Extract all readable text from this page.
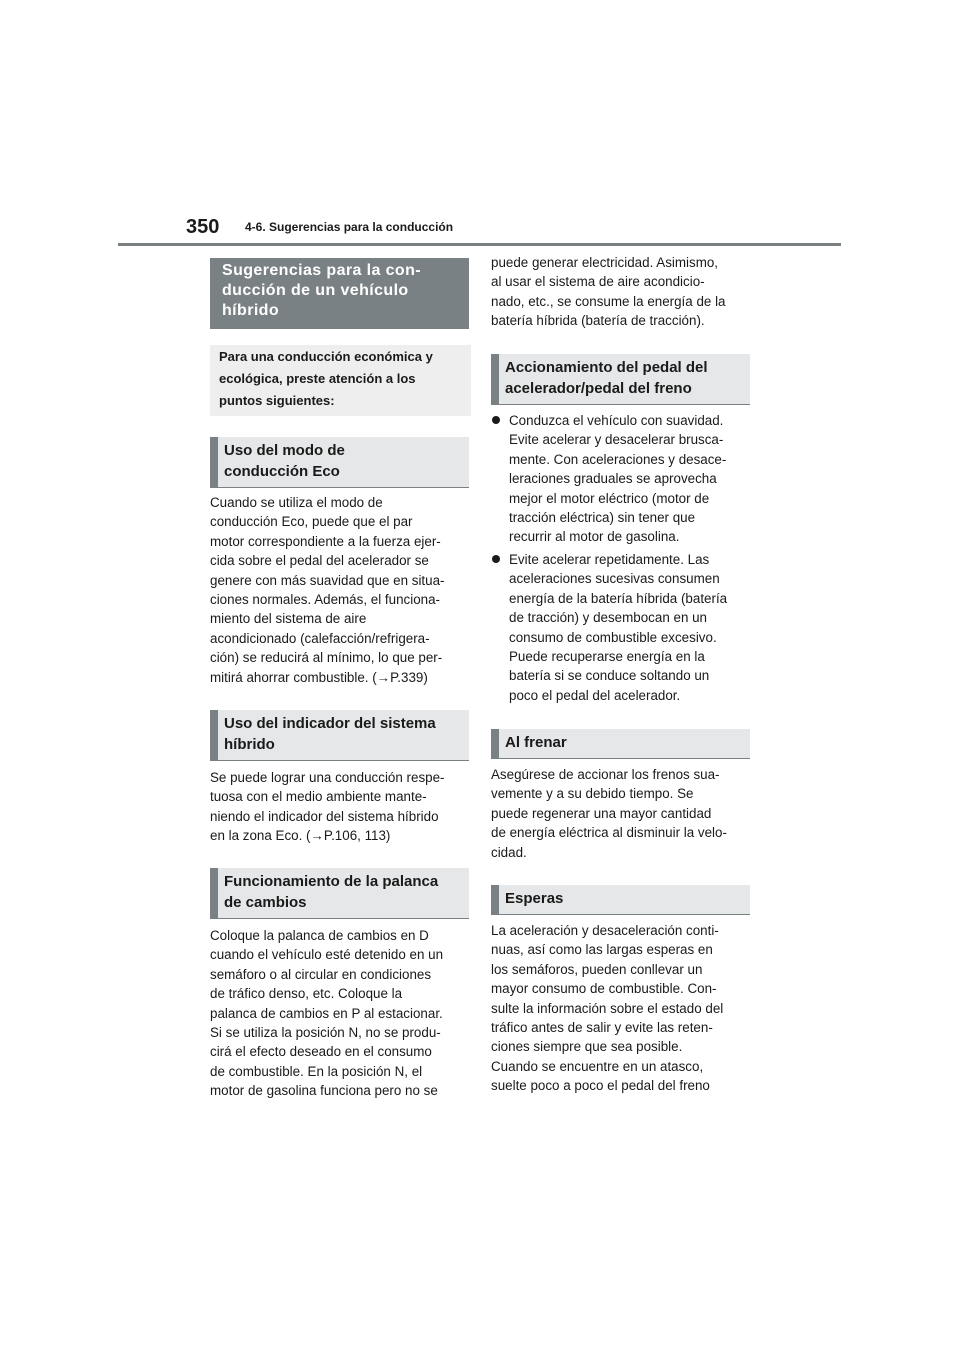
350 4-6. Sugerencias para la conducción
Sugerencias para la con-
ducción de un vehículo
híbrido
Para una conducción económica y
ecológica, preste atención a los
puntos siguientes:
Uso del modo de
conducción Eco
Cuando se utiliza el modo de
conducción Eco, puede que el par
motor correspondiente a la fuerza ejer-
cida sobre el pedal del acelerador se
genere con más suavidad que en situa-
ciones normales. Además, el funciona-
miento del sistema de aire
acondicionado (calefacción/refrigera-
ción) se reducirá al mínimo, lo que per-
mitirá ahorrar combustible. (→P.339)
Uso del indicador del sistema
híbrido
Se puede lograr una conducción respe-
tuosa con el medio ambiente mante-
niendo el indicador del sistema híbrido
en la zona Eco. (→P.106, 113)
Funcionamiento de la palanca
de cambios
Coloque la palanca de cambios en D
cuando el vehículo esté detenido en un
semáforo o al circular en condiciones
de tráfico denso, etc. Coloque la
palanca de cambios en P al estacionar.
Si se utiliza la posición N, no se produ-
cirá el efecto deseado en el consumo
de combustible. En la posición N, el
motor de gasolina funciona pero no se
puede generar electricidad. Asimismo,
al usar el sistema de aire acondicio-
nado, etc., se consume la energía de la
batería híbrida (batería de tracción).
Accionamiento del pedal del
acelerador/pedal del freno
Conduzca el vehículo con suavidad.
Evite acelerar y desacelerar brusca-
mente. Con aceleraciones y desace-
leraciones graduales se aprovecha
mejor el motor eléctrico (motor de
tracción eléctrica) sin tener que
recurrir al motor de gasolina.
Evite acelerar repetidamente. Las
aceleraciones sucesivas consumen
energía de la batería híbrida (batería
de tracción) y desembocan en un
consumo de combustible excesivo.
Puede recuperarse energía en la
batería si se conduce soltando un
poco el pedal del acelerador.
Al frenar
Asegúrese de accionar los frenos sua-
vemente y a su debido tiempo. Se
puede regenerar una mayor cantidad
de energía eléctrica al disminuir la velo-
cidad.
Esperas
La aceleración y desaceleración conti-
nuas, así como las largas esperas en
los semáforos, pueden conllevar un
mayor consumo de combustible. Con-
sulte la información sobre el estado del
tráfico antes de salir y evite las reten-
ciones siempre que sea posible.
Cuando se encuentre en un atasco,
suelte poco a poco el pedal del freno
